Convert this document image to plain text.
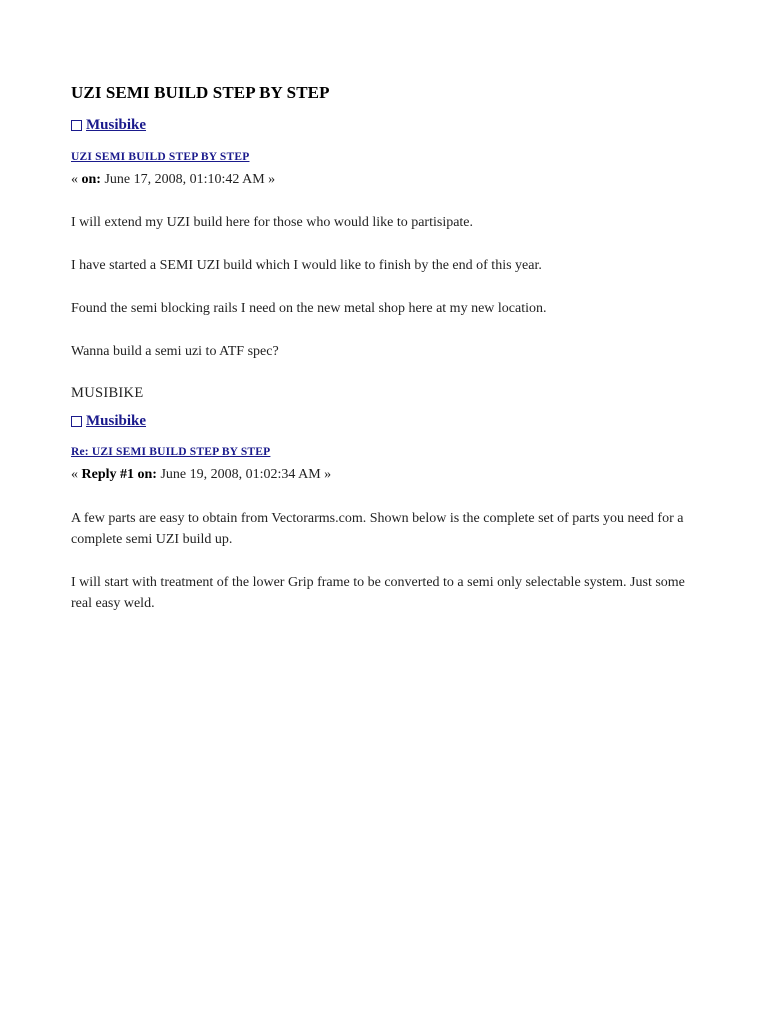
UZI SEMI BUILD STEP BY STEP
Musibike
UZI SEMI BUILD STEP BY STEP
« on: June 17, 2008, 01:10:42 AM »

I will extend my UZI build here for those who would like to partisipate.

I have started a SEMI UZI build which I would like to finish by the end of this year.

Found the semi blocking rails I need on the new metal shop here at my new location.

Wanna build a semi uzi to ATF spec?

MUSIBIKE
Musibike
Re: UZI SEMI BUILD STEP BY STEP
« Reply #1 on: June 19, 2008, 01:02:34 AM »

A few parts are easy to obtain from Vectorarms.com. Shown below is the complete set of parts you need for a complete semi UZI build up.

I will start with treatment of the lower Grip frame to be converted to a semi only selectable system. Just some real easy weld.
